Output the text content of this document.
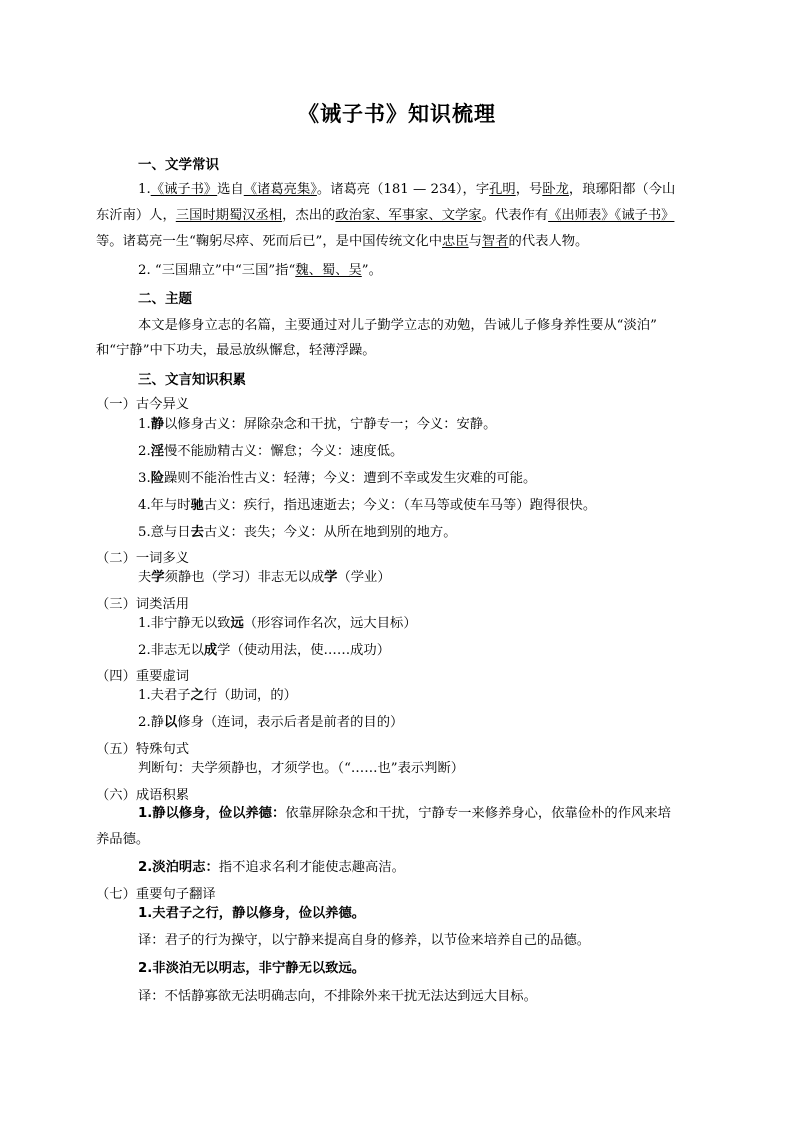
《诫子书》知识梳理
一、文学常识
1.《诫子书》选自《诸葛亮集》。诸葛亮（181 — 234），字孔明，号卧龙，琅琊阳都（今山
东沂南）人，三国时期蜀汉丞相，杰出的政治家、军事家、文学家。代表作有《出师表》《诫子书》
等。诸葛亮一生“鞠躬尽瘁、死而后已”，是中国传统文化中忠臣与智者的代表人物。
2. “三国鼎立”中“三国”指“魏、蜀、吴”。
二、主题
本文是修身立志的名篇，主要通过对儿子勤学立志的劝勉，告诫儿子修身养性要从“淡泊”
和“宁静”中下功夫，最忌放纵懈怠，轻薄浮躁。
三、文言知识积累
（一）古今异义
1.静以修身古义：屏除杂念和干扰，宁静专一；今义：安静。
2.淫慢不能励精古义：懈怠；今义：速度低。
3.险躁则不能治性古义：轻薄；今义：遭到不幸或发生灾难的可能。
4.年与时驰古义：疾行，指迅速逝去；今义：（车马等或使车马等）跑得很快。
5.意与日去古义：丧失；今义：从所在地到别的地方。
（二）一词多义
夫学须静也（学习）非志无以成学（学业）
（三）词类活用
1.非宁静无以致远（形容词作名次，远大目标）
2.非志无以成学（使动用法，使……成功）
（四）重要虚词
1.夫君子之行（助词，的）
2.静以修身（连词，表示后者是前者的目的）
（五）特殊句式
判断句：夫学须静也，才须学也。（“……也”表示判断）
（六）成语积累
1.静以修身，俭以养德：依靠屏除杂念和干扰，宁静专一来修养身心，依靠俭朴的作风来培
养品德。
2.淡泊明志：指不追求名利才能使志趣高洁。
（七）重要句子翻译
1.夫君子之行，静以修身，俭以养德。
译：君子的行为操守，以宁静来提高自身的修养，以节俭来培养自己的品德。
2.非淡泊无以明志，非宁静无以致远。
译：不恬静寡欲无法明确志向，不排除外来干扰无法达到远大目标。
